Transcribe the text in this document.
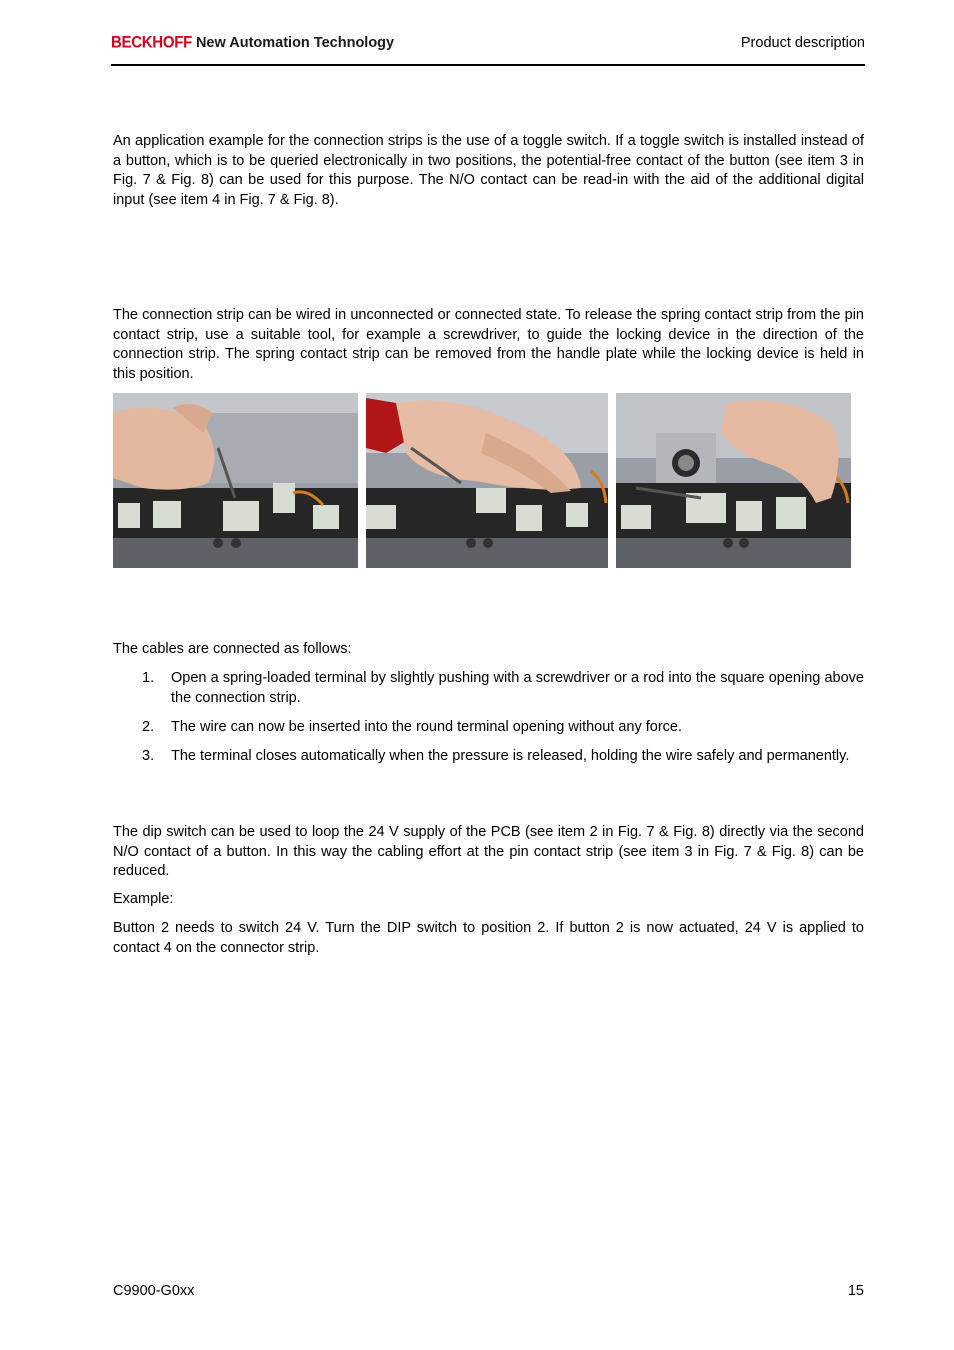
BECKHOFF New Automation Technology	Product description

An application example for the connection strips is the use of a toggle switch. If a toggle switch is installed instead of a button, which is to be queried electronically in two positions, the potential-free contact of the button (see item 3 in Fig. 7 & Fig. 8) can be used for this purpose. The N/O contact can be read-in with the aid of the additional digital input (see item 4 in Fig. 7 & Fig. 8).

The connection strip can be wired in unconnected or connected state. To release the spring contact strip from the pin contact strip, use a suitable tool, for example a screwdriver, to guide the locking device in the direction of the connection strip. The spring contact strip can be removed from the handle plate while the locking device is held in this position.

The cables are connected as follows:

1. Open a spring-loaded terminal by slightly pushing with a screwdriver or a rod into the square opening above the connection strip.
2. The wire can now be inserted into the round terminal opening without any force.
3. The terminal closes automatically when the pressure is released, holding the wire safely and permanently.

The dip switch can be used to loop the 24 V supply of the PCB (see item 2 in Fig. 7 & Fig. 8) directly via the second N/O contact of a button. In this way the cabling effort at the pin contact strip (see item 3 in Fig. 7 & Fig. 8) can be reduced.

Example:

Button 2 needs to switch 24 V. Turn the DIP switch to position 2. If button 2 is now actuated, 24 V is applied to contact 4 on the connector strip.

C9900-G0xx	15
